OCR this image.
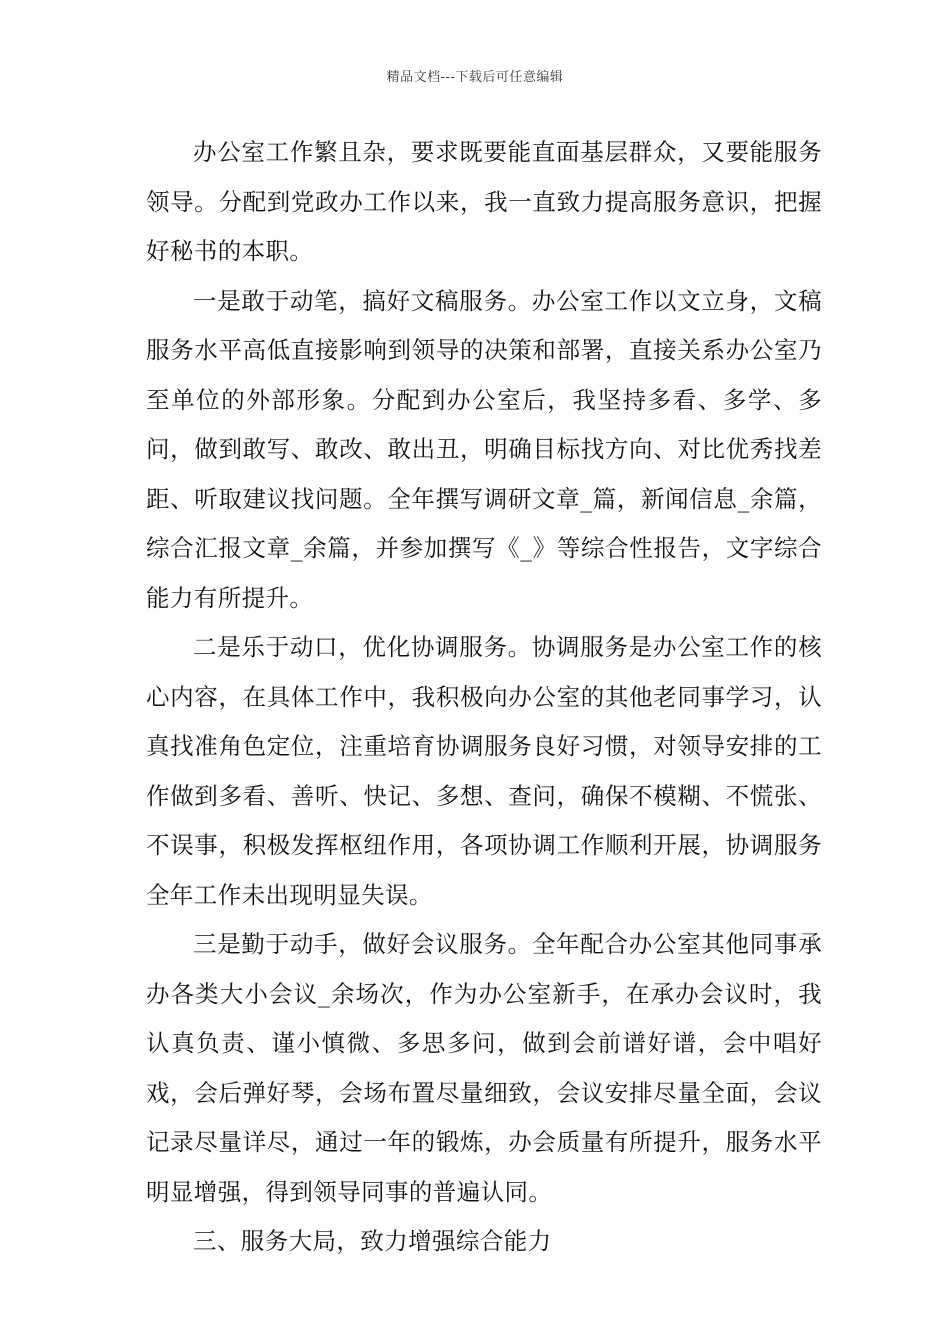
精品文档---下载后可任意编辑

办公室工作繁且杂，要求既要能直面基层群众，又要能服务领导。分配到党政办工作以来，我一直致力提高服务意识，把握好秘书的本职。

一是敢于动笔，搞好文稿服务。办公室工作以文立身，文稿服务水平高低直接影响到领导的决策和部署，直接关系办公室乃至单位的外部形象。分配到办公室后，我坚持多看、多学、多问，做到敢写、敢改、敢出丑，明确目标找方向、对比优秀找差距、听取建议找问题。全年撰写调研文章_篇，新闻信息_余篇，综合汇报文章_余篇，并参加撰写《_》等综合性报告，文字综合能力有所提升。

二是乐于动口，优化协调服务。协调服务是办公室工作的核心内容，在具体工作中，我积极向办公室的其他老同事学习，认真找准角色定位，注重培育协调服务良好习惯，对领导安排的工作做到多看、善听、快记、多想、查问，确保不模糊、不慌张、不误事，积极发挥枢纽作用，各项协调工作顺利开展，协调服务全年工作未出现明显失误。

三是勤于动手，做好会议服务。全年配合办公室其他同事承办各类大小会议_余场次，作为办公室新手，在承办会议时，我认真负责、谨小慎微、多思多问，做到会前谱好谱，会中唱好戏，会后弹好琴，会场布置尽量细致，会议安排尽量全面，会议记录尽量详尽，通过一年的锻炼，办会质量有所提升，服务水平明显增强，得到领导同事的普遍认同。

三、服务大局，致力增强综合能力
